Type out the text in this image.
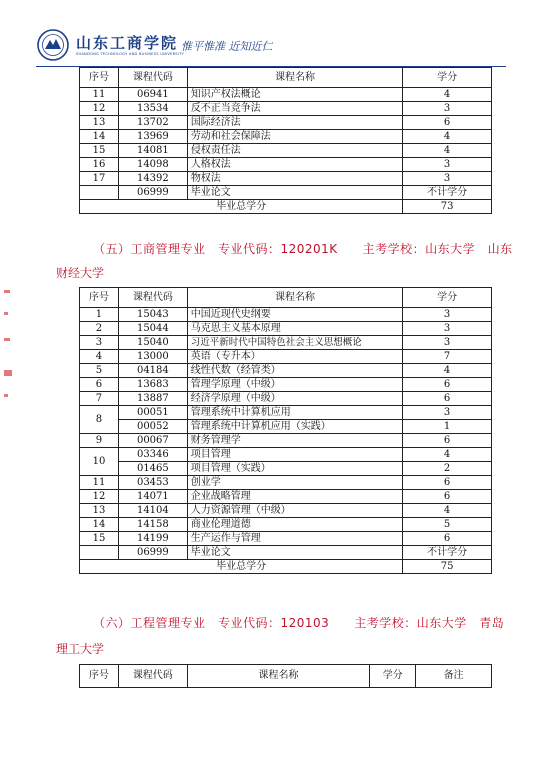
山东工商学院 惟平惟准 近知近仁
SHANDONG TECHNOLOGY AND BUSINESS UNIVERSITY
序号	课程代码	课程名称	学分
11	06941	知识产权法概论	4
12	13534	反不正当竞争法	3
13	13702	国际经济法	6
14	13969	劳动和社会保障法	4
15	14081	侵权责任法	4
16	14098	人格权法	3
17	14392	物权法	3
	06999	毕业论文	不计学分
毕业总学分			73
（五）工商管理专业　专业代码：120201K　　主考学校：山东大学　山东
财经大学
序号	课程代码	课程名称	学分
1	15043	中国近现代史纲要	3
2	15044	马克思主义基本原理	3
3	15040	习近平新时代中国特色社会主义思想概论	3
4	13000	英语（专升本）	7
5	04184	线性代数（经管类）	4
6	13683	管理学原理（中级）	6
7	13887	经济学原理（中级）	6
8	00051	管理系统中计算机应用	3
	00052	管理系统中计算机应用（实践）	1
9	00067	财务管理学	6
10	03346	项目管理	4
	01465	项目管理（实践）	2
11	03453	创业学	6
12	14071	企业战略管理	6
13	14104	人力资源管理（中级）	4
14	14158	商业伦理道德	5
15	14199	生产运作与管理	6
	06999	毕业论文	不计学分
毕业总学分			75
（六）工程管理专业　专业代码：120103　　主考学校：山东大学　青岛
理工大学
序号	课程代码	课程名称	学分	备注
